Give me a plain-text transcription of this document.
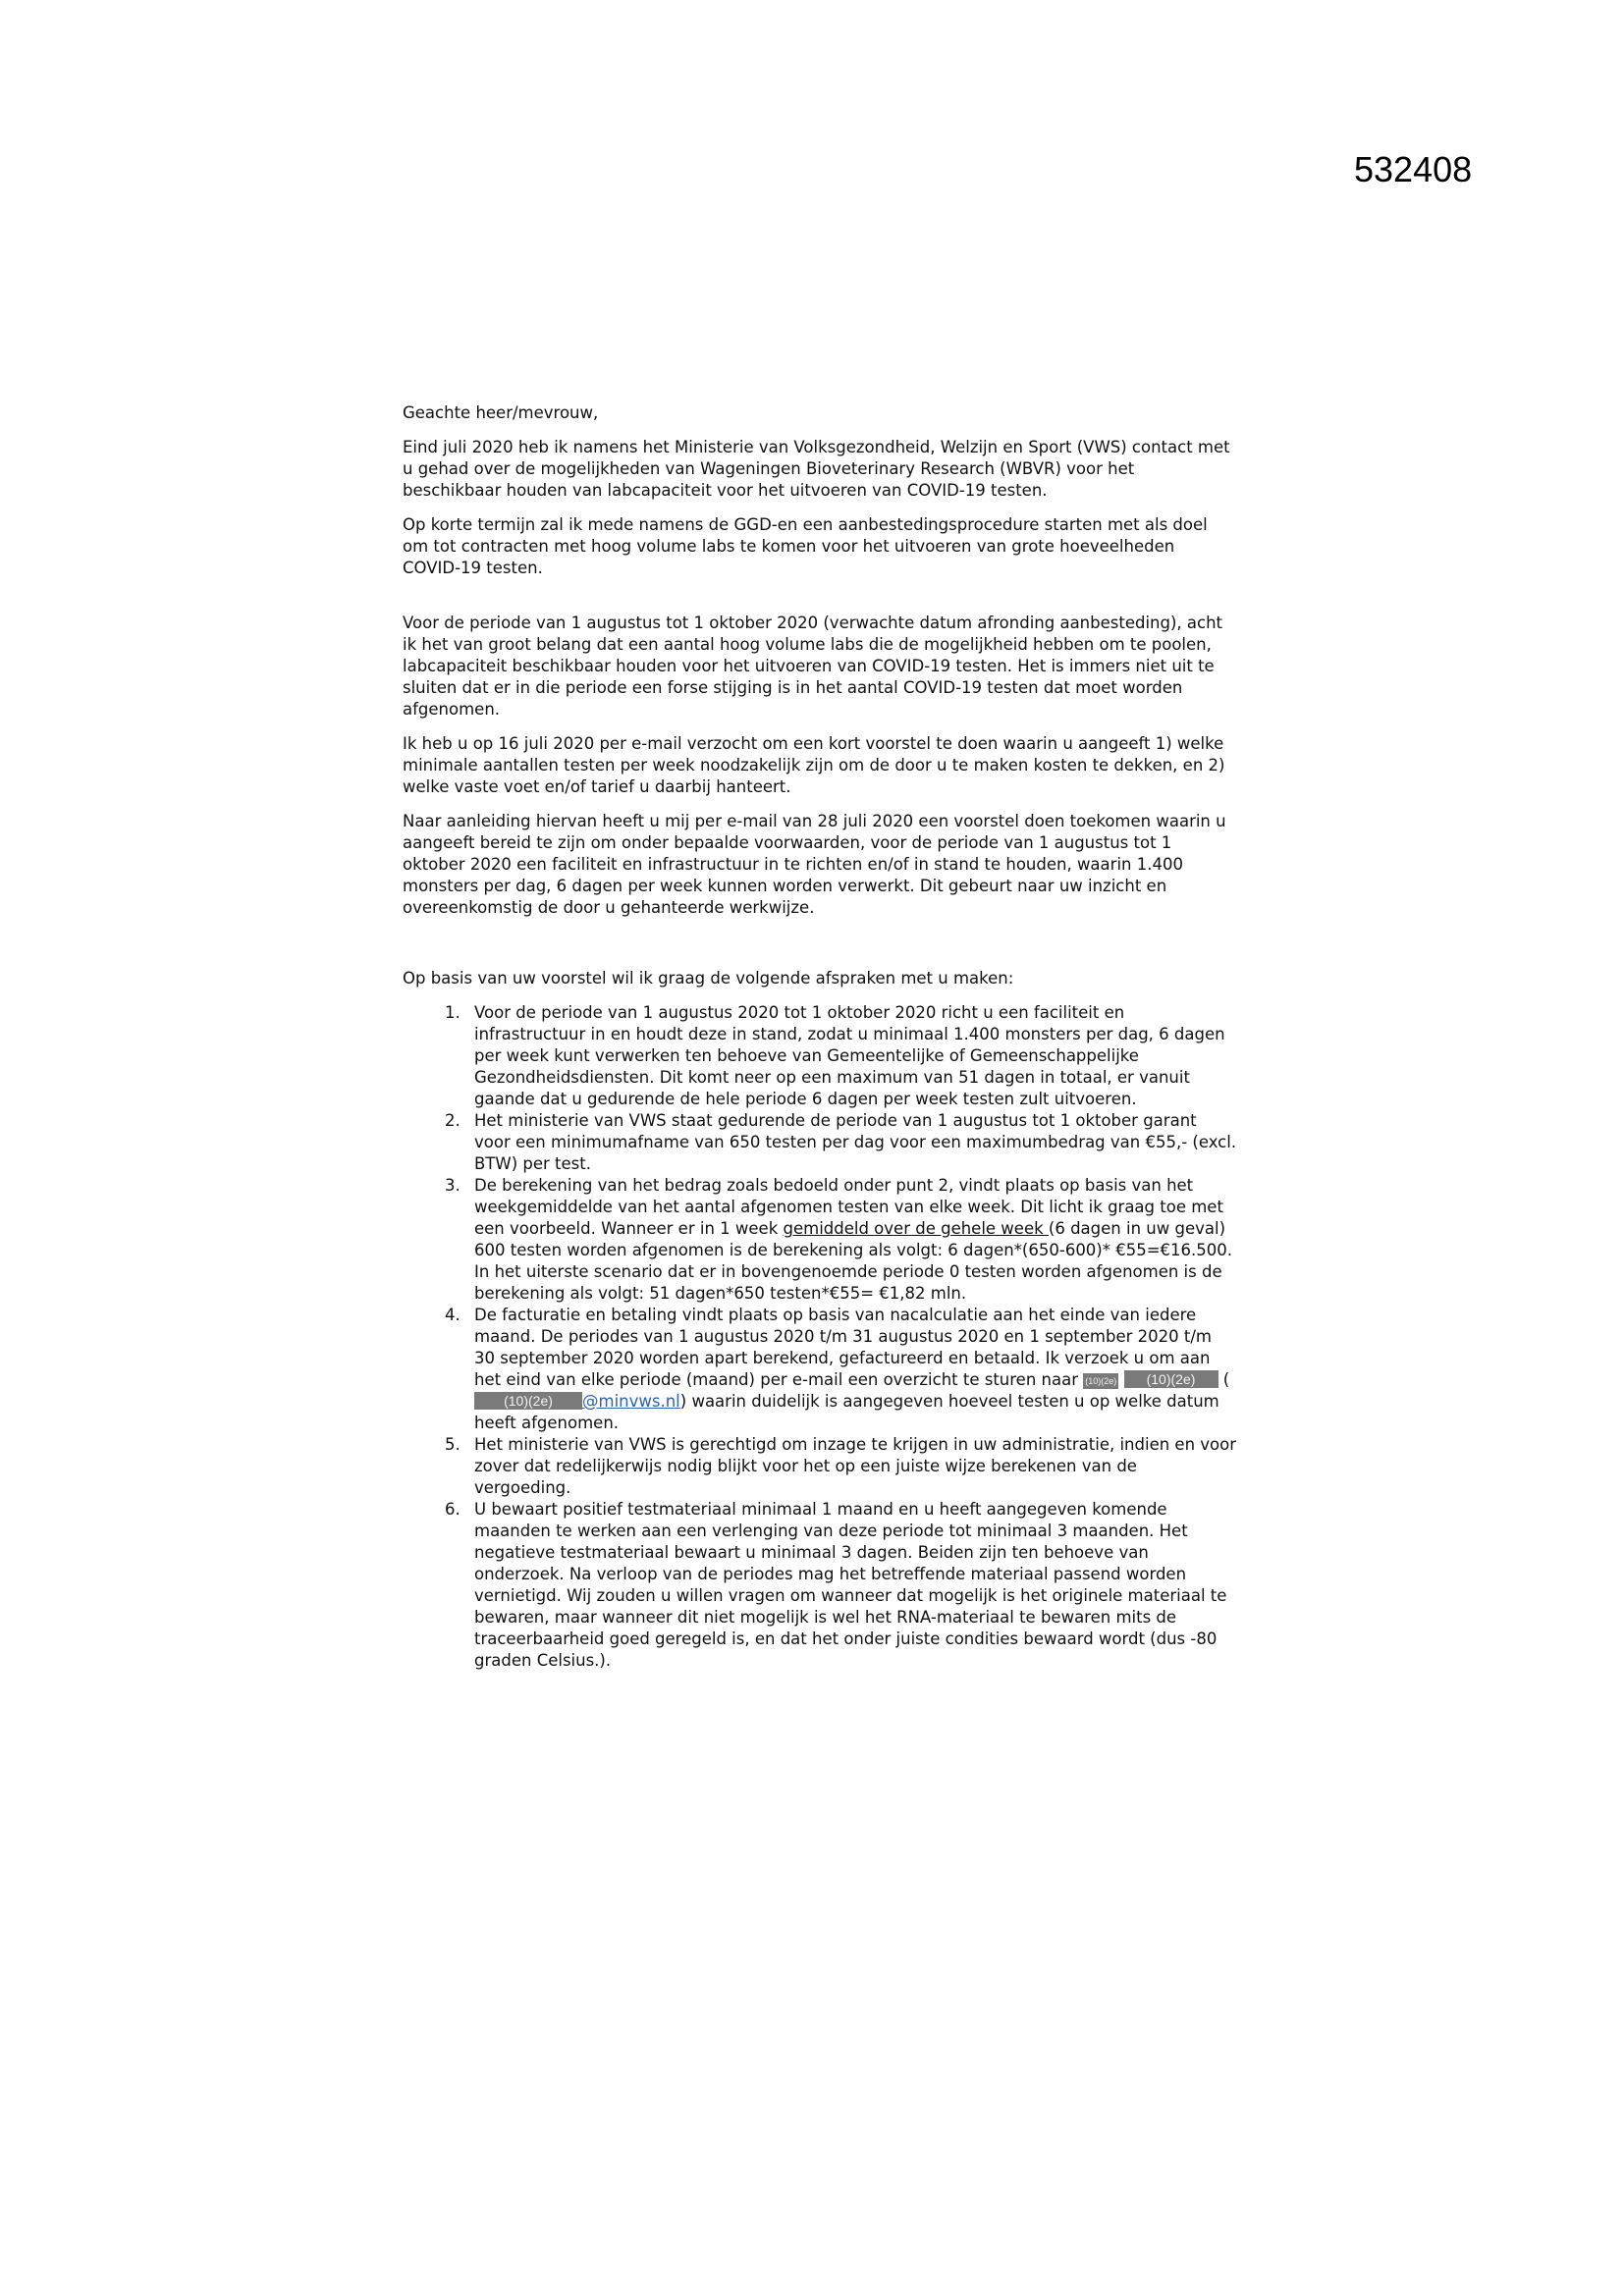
532408

Geachte heer/mevrouw,

Eind juli 2020 heb ik namens het Ministerie van Volksgezondheid, Welzijn en Sport (VWS) contact met u gehad over de mogelijkheden van Wageningen Bioveterinary Research (WBVR) voor het beschikbaar houden van labcapaciteit voor het uitvoeren van COVID-19 testen.

Op korte termijn zal ik mede namens de GGD-en een aanbestedingsprocedure starten met als doel om tot contracten met hoog volume labs te komen voor het uitvoeren van grote hoeveelheden COVID-19 testen.

Voor de periode van 1 augustus tot 1 oktober 2020 (verwachte datum afronding aanbesteding), acht ik het van groot belang dat een aantal hoog volume labs die de mogelijkheid hebben om te poolen, labcapaciteit beschikbaar houden voor het uitvoeren van COVID-19 testen. Het is immers niet uit te sluiten dat er in die periode een forse stijging is in het aantal COVID-19 testen dat moet worden afgenomen.

Ik heb u op 16 juli 2020 per e-mail verzocht om een kort voorstel te doen waarin u aangeeft 1) welke minimale aantallen testen per week noodzakelijk zijn om de door u te maken kosten te dekken, en 2) welke vaste voet en/of tarief u daarbij hanteert.

Naar aanleiding hiervan heeft u mij per e-mail van 28 juli 2020 een voorstel doen toekomen waarin u aangeeft bereid te zijn om onder bepaalde voorwaarden, voor de periode van 1 augustus tot 1 oktober 2020 een faciliteit en infrastructuur in te richten en/of in stand te houden, waarin 1.400 monsters per dag, 6 dagen per week kunnen worden verwerkt. Dit gebeurt naar uw inzicht en overeenkomstig de door u gehanteerde werkwijze.

Op basis van uw voorstel wil ik graag de volgende afspraken met u maken:

1. Voor de periode van 1 augustus 2020 tot 1 oktober 2020 richt u een faciliteit en infrastructuur in en houdt deze in stand, zodat u minimaal 1.400 monsters per dag, 6 dagen per week kunt verwerken ten behoeve van Gemeentelijke of Gemeenschappelijke Gezondheidsdiensten. Dit komt neer op een maximum van 51 dagen in totaal, er vanuit gaande dat u gedurende de hele periode 6 dagen per week testen zult uitvoeren.
2. Het ministerie van VWS staat gedurende de periode van 1 augustus tot 1 oktober garant voor een minimumafname van 650 testen per dag voor een maximumbedrag van €55,- (excl. BTW) per test.
3. De berekening van het bedrag zoals bedoeld onder punt 2, vindt plaats op basis van het weekgemiddelde van het aantal afgenomen testen van elke week. Dit licht ik graag toe met een voorbeeld. Wanneer er in 1 week gemiddeld over de gehele week (6 dagen in uw geval) 600 testen worden afgenomen is de berekening als volgt: 6 dagen*(650-600)* €55=€16.500. In het uiterste scenario dat er in bovengenoemde periode 0 testen worden afgenomen is de berekening als volgt: 51 dagen*650 testen*€55= €1,82 mln.
4. De facturatie en betaling vindt plaats op basis van nacalculatie aan het einde van iedere maand. De periodes van 1 augustus 2020 t/m 31 augustus 2020 en 1 september 2020 t/m 30 september 2020 worden apart berekend, gefactureerd en betaald. Ik verzoek u om aan het eind van elke periode (maand) per e-mail een overzicht te sturen naar (10)(2e) (10)(2e) ((10)(2e) @minvws.nl) waarin duidelijk is aangegeven hoeveel testen u op welke datum heeft afgenomen.
5. Het ministerie van VWS is gerechtigd om inzage te krijgen in uw administratie, indien en voor zover dat redelijkerwijs nodig blijkt voor het op een juiste wijze berekenen van de vergoeding.
6. U bewaart positief testmateriaal minimaal 1 maand en u heeft aangegeven komende maanden te werken aan een verlenging van deze periode tot minimaal 3 maanden. Het negatieve testmateriaal bewaart u minimaal 3 dagen. Beiden zijn ten behoeve van onderzoek. Na verloop van de periodes mag het betreffende materiaal passend worden vernietigd. Wij zouden u willen vragen om wanneer dat mogelijk is het originele materiaal te bewaren, maar wanneer dit niet mogelijk is wel het RNA-materiaal te bewaren mits de traceerbaarheid goed geregeld is, en dat het onder juiste condities bewaard wordt (dus -80 graden Celsius.).
